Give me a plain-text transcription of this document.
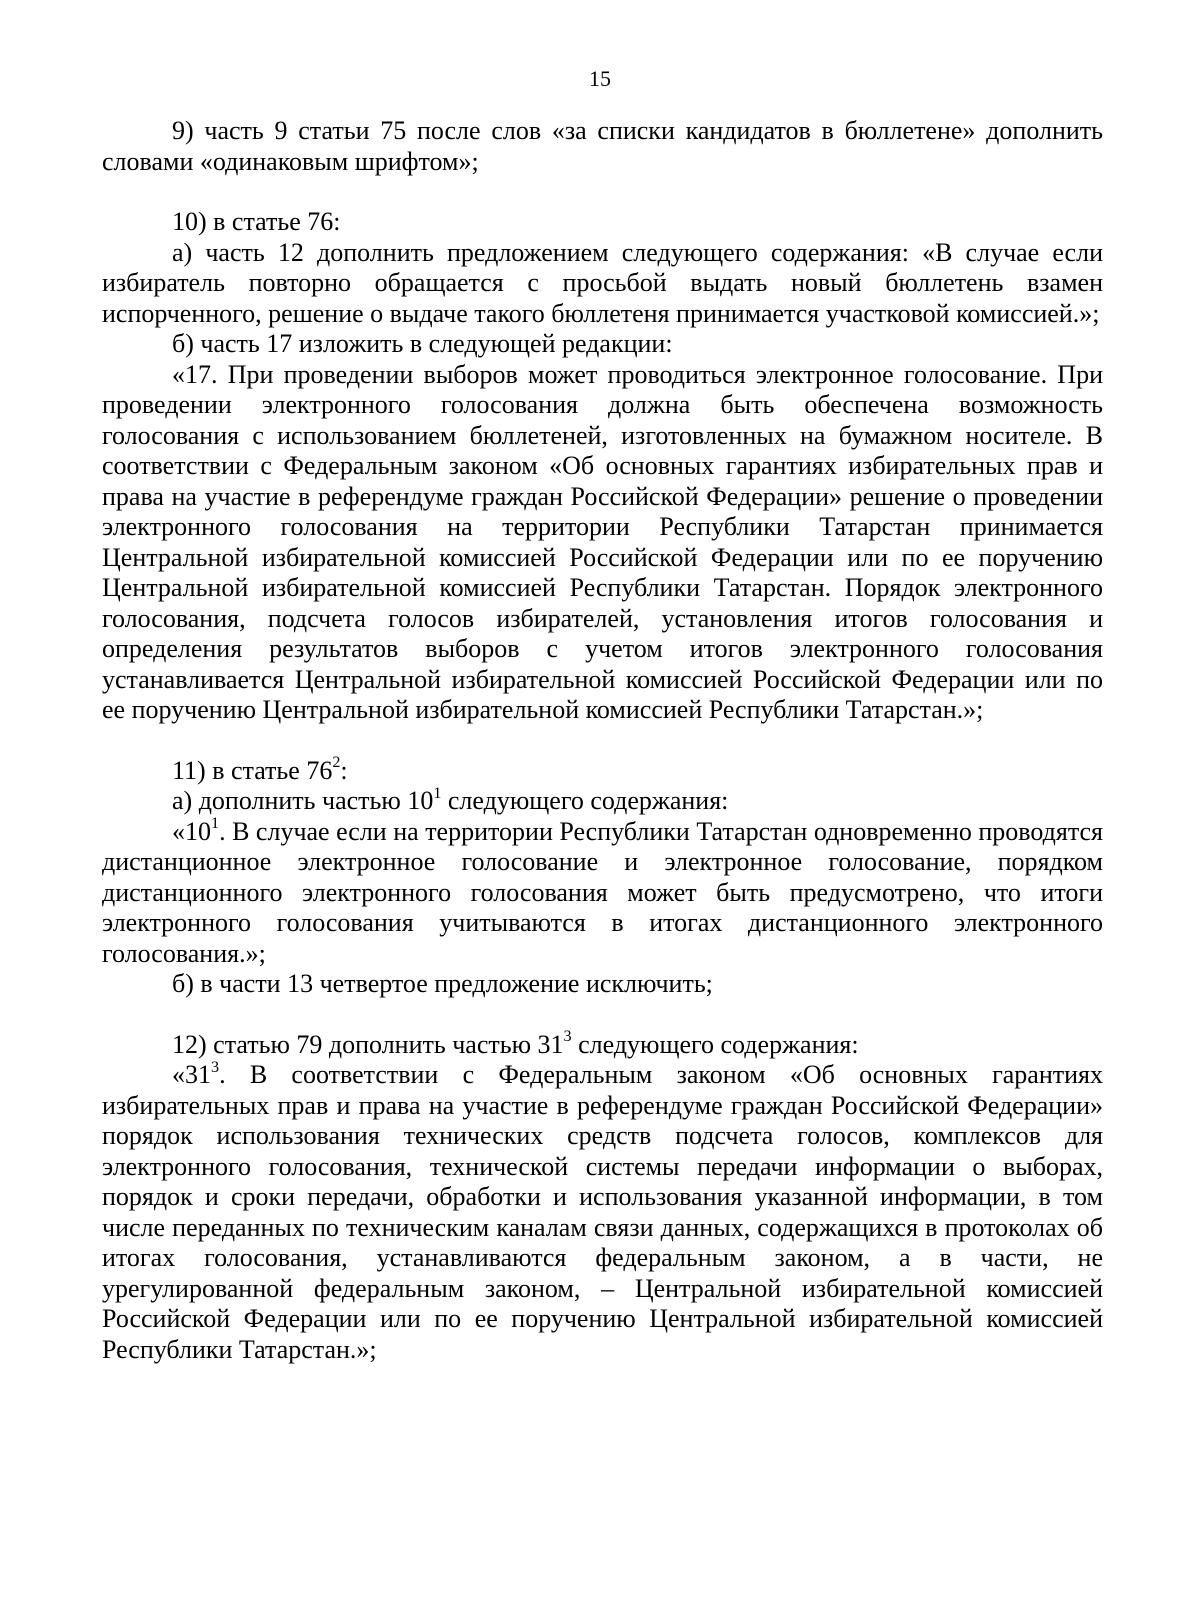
15

9) часть 9 статьи 75 после слов «за списки кандидатов в бюллетене» дополнить словами «одинаковым шрифтом»;

10) в статье 76:

а) часть 12 дополнить предложением следующего содержания: «В случае если избиратель повторно обращается с просьбой выдать новый бюллетень взамен испорченного, решение о выдаче такого бюллетеня принимается участковой комиссией.»;

б) часть 17 изложить в следующей редакции:

«17. При проведении выборов может проводиться электронное голосование. При проведении электронного голосования должна быть обеспечена возможность голосования с использованием бюллетеней, изготовленных на бумажном носителе. В соответствии с Федеральным законом «Об основных гарантиях избирательных прав и права на участие в референдуме граждан Российской Федерации» решение о проведении электронного голосования на территории Республики Татарстан принимается Центральной избирательной комиссией Российской Федерации или по ее поручению Центральной избирательной комиссией Республики Татарстан. Порядок электронного голосования, подсчета голосов избирателей, установления итогов голосования и определения результатов выборов с учетом итогов электронного голосования устанавливается Центральной избирательной комиссией Российской Федерации или по ее поручению Центральной избирательной комиссией Республики Татарстан.»;

11) в статье $76^2$:

а) дополнить частью $10^1$ следующего содержания:

«$10^1$. В случае если на территории Республики Татарстан одновременно проводятся дистанционное электронное голосование и электронное голосование, порядком дистанционного электронного голосования может быть предусмотрено, что итоги электронного голосования учитываются в итогах дистанционного электронного голосования.»;

б) в части 13 четвертое предложение исключить;

12) статью 79 дополнить частью $31^3$ следующего содержания:

«$31^3$. В соответствии с Федеральным законом «Об основных гарантиях избирательных прав и права на участие в референдуме граждан Российской Федерации» порядок использования технических средств подсчета голосов, комплексов для электронного голосования, технической системы передачи информации о выборах, порядок и сроки передачи, обработки и использования указанной информации, в том числе переданных по техническим каналам связи данных, содержащихся в протоколах об итогах голосования, устанавливаются федеральным законом, а в части, не урегулированной федеральным законом, – Центральной избирательной комиссией Российской Федерации или по ее поручению Центральной избирательной комиссией Республики Татарстан.»;
